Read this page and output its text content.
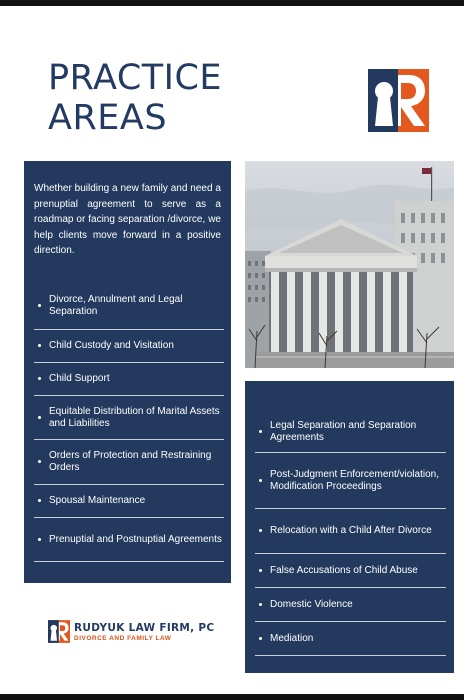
PRACTICE
AREAS

Whether building a new family and need a prenuptial agreement to serve as a roadmap or facing separation /divorce, we help clients move forward in a positive direction.

Divorce, Annulment and Legal Separation
Child Custody and Visitation
Child Support
Equitable Distribution of Marital Assets and Liabilities
Orders of Protection and Restraining Orders
Spousal Maintenance
Prenuptial and Postnuptial Agreements
Legal Separation and Separation Agreements
Post-Judgment Enforcement/violation, Modification Proceedings
Relocation with a Child After Divorce
False Accusations of Child Abuse
Domestic Violence
Mediation
RUDYUK LAW FIRM, PC
DIVORCE AND FAMILY LAW
